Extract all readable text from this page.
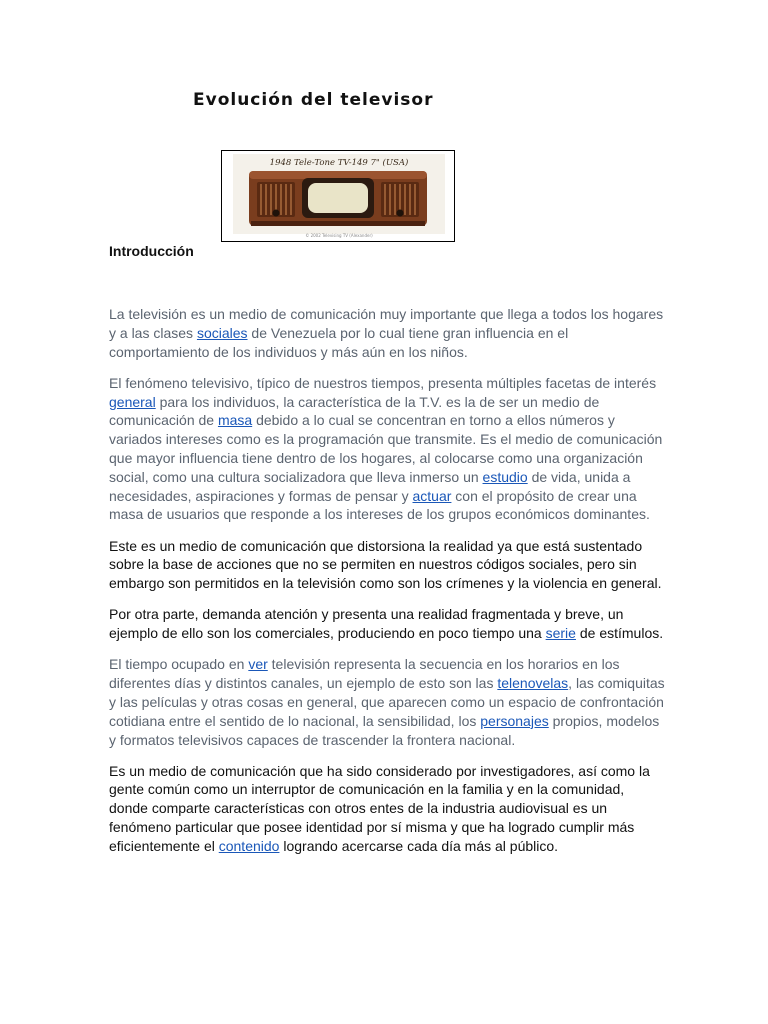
Evolución del televisor
1948 Tele-Tone TV-149 7" (USA)
© 2002 Televising TV (Alexander)
Introducción

La televisión es un medio de comunicación muy importante que llega a todos los hogares y a las clases sociales de Venezuela por lo cual tiene gran influencia en el comportamiento de los individuos y más aún en los niños.

El fenómeno televisivo, típico de nuestros tiempos, presenta múltiples facetas de interés general para los individuos, la característica de la T.V. es la de ser un medio de comunicación de masa debido a lo cual se concentran en torno a ellos números y variados intereses como es la programación que transmite. Es el medio de comunicación que mayor influencia tiene dentro de los hogares, al colocarse como una organización social, como una cultura socializadora que lleva inmerso un estudio de vida, unida a necesidades, aspiraciones y formas de pensar y actuar con el propósito de crear una masa de usuarios que responde a los intereses de los grupos económicos dominantes.

Este es un medio de comunicación que distorsiona la realidad ya que está sustentado sobre la base de acciones que no se permiten en nuestros códigos sociales, pero sin embargo son permitidos en la televisión como son los crímenes y la violencia en general.

Por otra parte, demanda atención y presenta una realidad fragmentada y breve, un ejemplo de ello son los comerciales, produciendo en poco tiempo una serie de estímulos.

El tiempo ocupado en ver televisión representa la secuencia en los horarios en los diferentes días y distintos canales, un ejemplo de esto son las telenovelas, las comiquitas y las películas y otras cosas en general, que aparecen como un espacio de confrontación cotidiana entre el sentido de lo nacional, la sensibilidad, los personajes propios, modelos y formatos televisivos capaces de trascender la frontera nacional.

Es un medio de comunicación que ha sido considerado por investigadores, así como la gente común como un interruptor de comunicación en la familia y en la comunidad, donde comparte características con otros entes de la industria audiovisual es un fenómeno particular que posee identidad por sí misma y que ha logrado cumplir más eficientemente el contenido logrando acercarse cada día más al público.
